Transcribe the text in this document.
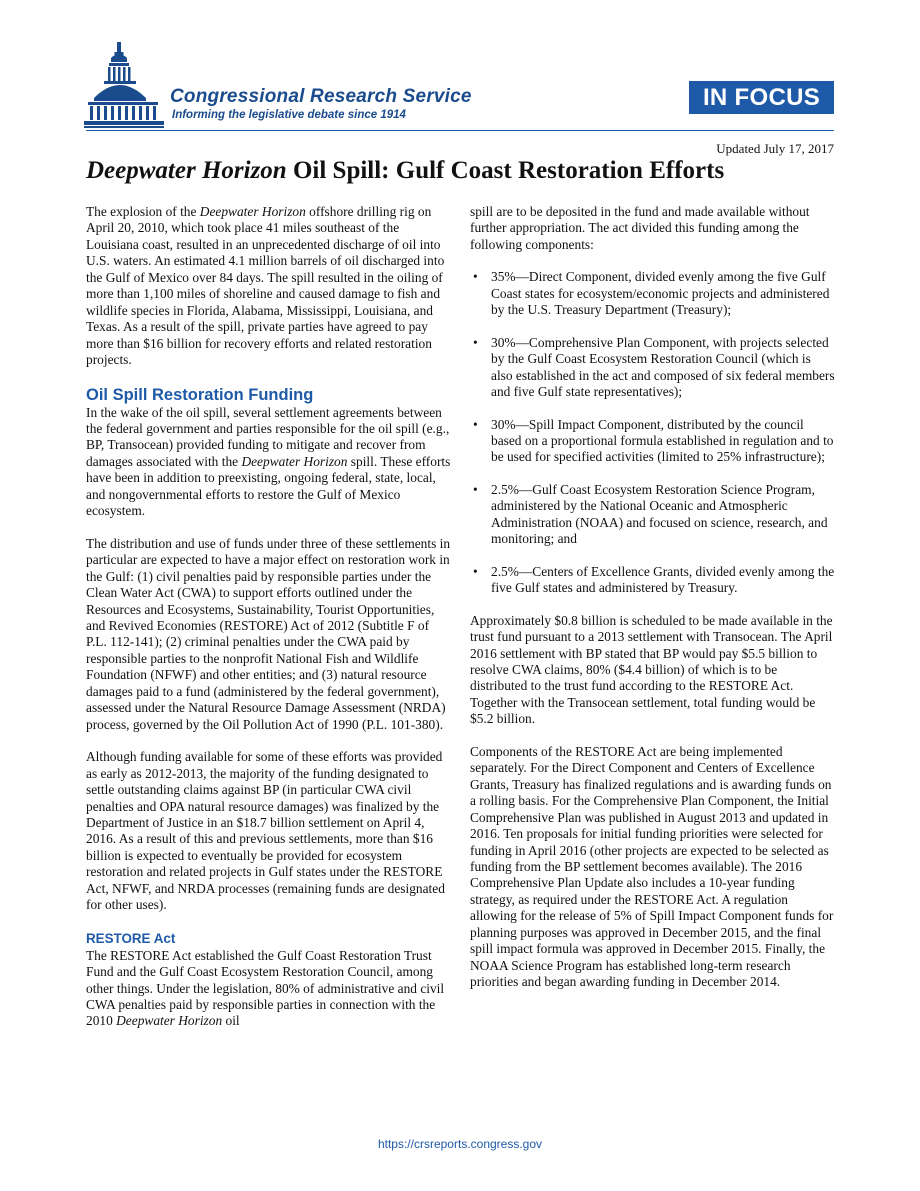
Congressional Research Service
Informing the legislative debate since 1914
IN FOCUS
Updated July 17, 2017
Deepwater Horizon Oil Spill: Gulf Coast Restoration Efforts

The explosion of the Deepwater Horizon offshore drilling rig on April 20, 2010, which took place 41 miles southeast of the Louisiana coast, resulted in an unprecedented discharge of oil into U.S. waters. An estimated 4.1 million barrels of oil discharged into the Gulf of Mexico over 84 days. The spill resulted in the oiling of more than 1,100 miles of shoreline and caused damage to fish and wildlife species in Florida, Alabama, Mississippi, Louisiana, and Texas. As a result of the spill, private parties have agreed to pay more than $16 billion for recovery efforts and related restoration projects.

Oil Spill Restoration Funding

In the wake of the oil spill, several settlement agreements between the federal government and parties responsible for the oil spill (e.g., BP, Transocean) provided funding to mitigate and recover from damages associated with the Deepwater Horizon spill. These efforts have been in addition to preexisting, ongoing federal, state, local, and nongovernmental efforts to restore the Gulf of Mexico ecosystem.

The distribution and use of funds under three of these settlements in particular are expected to have a major effect on restoration work in the Gulf: (1) civil penalties paid by responsible parties under the Clean Water Act (CWA) to support efforts outlined under the Resources and Ecosystems, Sustainability, Tourist Opportunities, and Revived Economies (RESTORE) Act of 2012 (Subtitle F of P.L. 112-141); (2) criminal penalties under the CWA paid by responsible parties to the nonprofit National Fish and Wildlife Foundation (NFWF) and other entities; and (3) natural resource damages paid to a fund (administered by the federal government), assessed under the Natural Resource Damage Assessment (NRDA) process, governed by the Oil Pollution Act of 1990 (P.L. 101-380).

Although funding available for some of these efforts was provided as early as 2012-2013, the majority of the funding designated to settle outstanding claims against BP (in particular CWA civil penalties and OPA natural resource damages) was finalized by the Department of Justice in an $18.7 billion settlement on April 4, 2016. As a result of this and previous settlements, more than $16 billion is expected to eventually be provided for ecosystem restoration and related projects in Gulf states under the RESTORE Act, NFWF, and NRDA processes (remaining funds are designated for other uses).

RESTORE Act

The RESTORE Act established the Gulf Coast Restoration Trust Fund and the Gulf Coast Ecosystem Restoration Council, among other things. Under the legislation, 80% of administrative and civil CWA penalties paid by responsible parties in connection with the 2010 Deepwater Horizon oil

spill are to be deposited in the fund and made available without further appropriation. The act divided this funding among the following components:

• 35%—Direct Component, divided evenly among the five Gulf Coast states for ecosystem/economic projects and administered by the U.S. Treasury Department (Treasury);
• 30%—Comprehensive Plan Component, with projects selected by the Gulf Coast Ecosystem Restoration Council (which is also established in the act and composed of six federal members and five Gulf state representatives);
• 30%—Spill Impact Component, distributed by the council based on a proportional formula established in regulation and to be used for specified activities (limited to 25% infrastructure);
• 2.5%—Gulf Coast Ecosystem Restoration Science Program, administered by the National Oceanic and Atmospheric Administration (NOAA) and focused on science, research, and monitoring; and
• 2.5%—Centers of Excellence Grants, divided evenly among the five Gulf states and administered by Treasury.

Approximately $0.8 billion is scheduled to be made available in the trust fund pursuant to a 2013 settlement with Transocean. The April 2016 settlement with BP stated that BP would pay $5.5 billion to resolve CWA claims, 80% ($4.4 billion) of which is to be distributed to the trust fund according to the RESTORE Act. Together with the Transocean settlement, total funding would be $5.2 billion.

Components of the RESTORE Act are being implemented separately. For the Direct Component and Centers of Excellence Grants, Treasury has finalized regulations and is awarding funds on a rolling basis. For the Comprehensive Plan Component, the Initial Comprehensive Plan was published in August 2013 and updated in 2016. Ten proposals for initial funding priorities were selected for funding in April 2016 (other projects are expected to be selected as funding from the BP settlement becomes available). The 2016 Comprehensive Plan Update also includes a 10-year funding strategy, as required under the RESTORE Act. A regulation allowing for the release of 5% of Spill Impact Component funds for planning purposes was approved in December 2015, and the final spill impact formula was approved in December 2015. Finally, the NOAA Science Program has established long-term research priorities and began awarding funding in December 2014.

https://crsreports.congress.gov
